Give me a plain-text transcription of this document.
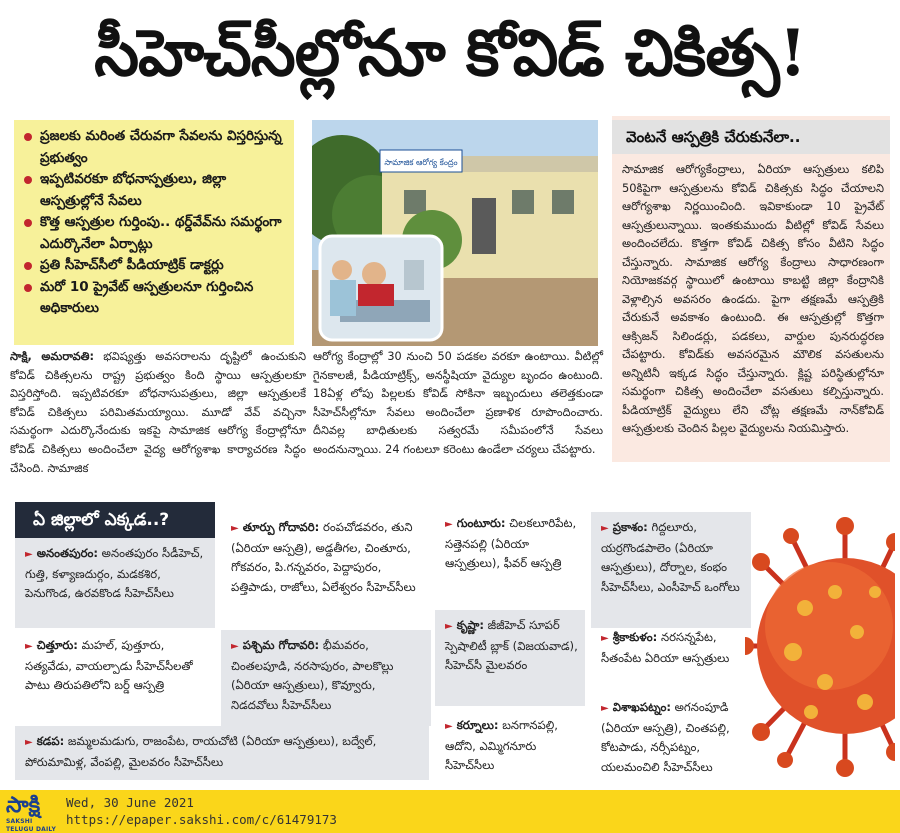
సీహెచ్‌సీల్లోనూ కోవిడ్‌ చికిత్స!
ప్రజలకు మరింత చేరువగా సేవలను విస్తరిస్తున్న ప్రభుత్వం
ఇప్పటివరకూ బోధనాస్పత్రులు, జిల్లా ఆస్పత్రుల్లోనే సేవలు
కొత్త ఆస్పత్రుల గుర్తింపు.. థర్డ్‌వేవ్‌ను సమర్థంగా ఎదుర్కొనేలా ఏర్పాట్లు
ప్రతి సీహెచ్‌సీలో పీడియాట్రిక్‌ డాక్టర్లు
మరో 10 ప్రైవేట్‌ ఆస్పత్రులనూ గుర్తించిన అధికారులు
సామాజిక ఆరోగ్య కేంద్రం
వెంటనే ఆస్పత్రికి చేరుకునేలా..
సామాజిక ఆరోగ్యకేంద్రాలు, ఏరియా ఆస్పత్రులు కలిపి 50కిపైగా ఆస్పత్రులను కోవిడ్‌ చికిత్సకు సిద్ధం చేయాలని ఆరోగ్యశాఖ నిర్ణయించింది. ఇవికాకుండా 10 ప్రైవేట్‌ ఆస్పత్రులున్నాయి. ఇంతకుముందు వీటిల్లో కోవిడ్‌ సేవలు అందించలేదు. కొత్తగా కోవిడ్‌ చికిత్స కోసం వీటిని సిద్ధం చేస్తున్నారు. సామాజిక ఆరోగ్య కేంద్రాలు సాధారణంగా నియోజకవర్గ స్థాయిలో ఉంటాయి కాబట్టి జిల్లా కేంద్రానికి వెళ్లాల్సిన అవసరం ఉండదు. పైగా తక్షణమే ఆస్పత్రికి చేరుకునే అవకాశం ఉంటుంది. ఈ ఆస్పత్రుల్లో కొత్తగా ఆక్సిజన్‌ సిలిండర్లు, పడకలు, వార్డుల పునరుద్ధరణ చేపట్టారు. కోవిడ్‌కు అవసరమైన మౌలిక వసతులను అన్నిటినీ ఇక్కడ సిద్ధం చేస్తున్నారు. క్లిష్ట పరిస్థితుల్లోనూ సమర్థంగా చికిత్స అందించేలా వసతులు కల్పిస్తున్నారు. పీడియాట్రిక్‌ వైద్యులు లేని చోట్ల తక్షణమే నాన్‌కోవిడ్‌ ఆస్పత్రులకు చెందిన పిల్లల వైద్యులను నియమిస్తారు.
సాక్షి, అమరావతి: భవిష్యత్తు అవసరాలను దృష్టిలో ఉంచుకుని కోవిడ్‌ చికిత్సలను రాష్ట్ర ప్రభుత్వం కింది స్థాయి ఆస్పత్రులకూ విస్తరిస్తోంది. ఇప్పటివరకూ బోధనాసుపత్రులు, జిల్లా ఆస్పత్రులకే కోవిడ్‌ చికిత్సలు పరిమితమయ్యాయి. మూడో వేవ్‌ వచ్చినా సమర్థంగా ఎదుర్కొనేందుకు ఇకపై సామాజిక ఆరోగ్య కేంద్రాల్లోనూ కోవిడ్‌ చికిత్సలు అందించేలా వైద్య ఆరోగ్యశాఖ కార్యాచరణ సిద్ధం చేసింది. సామాజిక
ఆరోగ్య కేంద్రాల్లో 30 నుంచి 50 పడకల వరకూ ఉంటాయి. వీటిల్లో గైనకాలజీ, పీడియాట్రిక్స్‌, అనస్థీషియా వైద్యుల బృందం ఉంటుంది. 18ఏళ్ల లోపు పిల్లలకు కోవిడ్‌ సోకినా ఇబ్బందులు తలెత్తకుండా సీహెచ్‌సీల్లోనూ సేవలు అందించేలా ప్రణాళిక రూపొందించారు. దీనివల్ల బాధితులకు సత్వరమే సమీపంలోనే సేవలు అందనున్నాయి. 24 గంటలూ కరెంటు ఉండేలా చర్యలు చేపట్టారు.
ఏ జిల్లాలో ఎక్కడ..?
► అనంతపురం: అనంతపురం సీడీహెచ్‌, గుత్తి, కళ్యాణదుర్గం, మడకశిర, పెనుగొండ, ఉరవకొండ సీహెచ్‌సీలు
► తూర్పు గోదావరి: రంపచోడవరం, తుని (ఏరియా ఆస్పత్రి), అడ్డతీగల, చింతూరు, గోకవరం, పి.గన్నవరం, పెద్దాపురం, పత్తిపాడు, రాజోలు, ఏలేశ్వరం సీహెచ్‌సీలు
► గుంటూరు: చిలకలూరిపేట, సత్తెనపల్లి (ఏరియా ఆస్పత్రులు), ఫీవర్‌ ఆస్పత్రి
► ప్రకాశం: గిద్దలూరు, యర్రగొండపాలెం (ఏరియా ఆస్పత్రులు), దోర్నాల, కంభం సీహెచ్‌సీలు, ఎంసీహెచ్‌ ఒంగోలు
► చిత్తూరు: మహల్‌, పుత్తూరు, సత్యవేడు, వాయల్పాడు సీహెచ్‌సీలతో పాటు తిరుపతిలోని బర్డ్‌ ఆస్పత్రి
► పశ్చిమ గోదావరి: భీమవరం, చింతలపూడి, నరసాపురం, పాలకొల్లు (ఏరియా ఆస్పత్రులు), కొవ్వూరు, నిడదవోలు సీహెచ్‌సీలు
► కృష్ణా: జీజీహెచ్‌ సూపర్‌ స్పెషాలిటీ బ్లాక్‌ (విజయవాడ), సీహెచ్‌సీ మైలవరం
► శ్రీకాకుళం: నరసన్నపేట, సీతంపేట ఏరియా ఆస్పత్రులు
► కడప: జమ్మలమడుగు, రాజంపేట, రాయచోటి (ఏరియా ఆస్పత్రులు), బద్వేల్‌, పోరుమామిళ్ల, వేంపల్లి, మైలవరం సీహెచ్‌సీలు
► కర్నూలు: బనగానపల్లి, ఆదోని, ఎమ్మిగనూరు సీహెచ్‌సీలు
► విశాఖపట్నం: అగనంపూడి (ఏరియా ఆస్పత్రి), చింతపల్లి, కోటపాడు, నర్సీపట్నం, యలమంచిలి సీహెచ్‌సీలు
సాక్షి
SAKSHI TELUGU DAILY
Wed, 30 June 2021
https://epaper.sakshi.com/c/61479173
